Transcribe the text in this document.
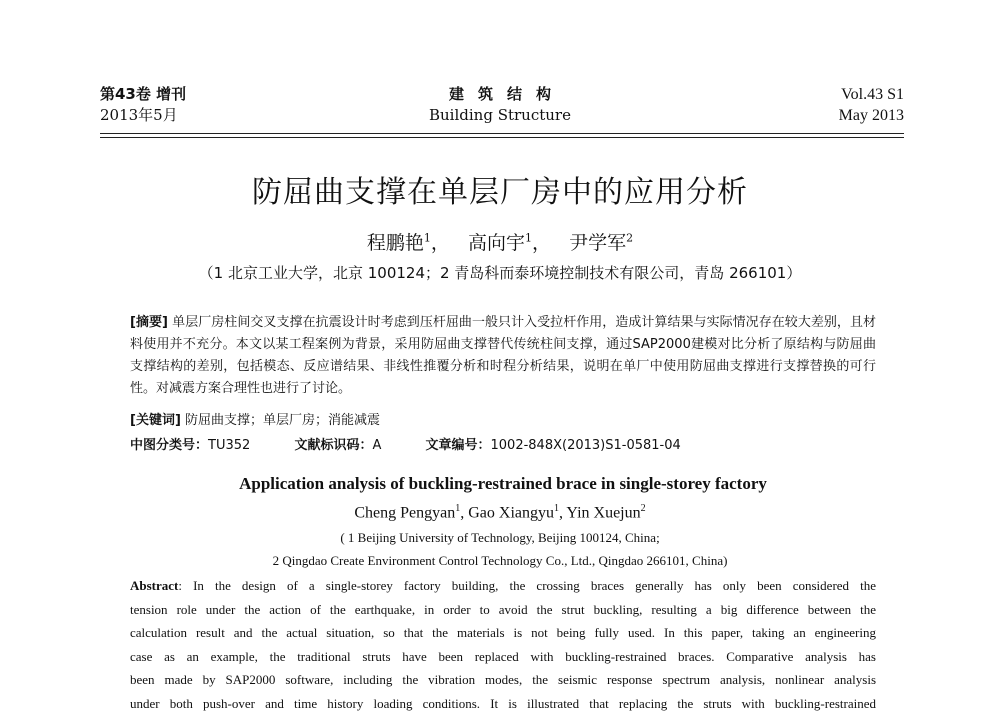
第43卷 增刊
2013年5月
建筑结构
Building Structure
Vol.43 S1
May 2013
防屈曲支撑在单层厂房中的应用分析
程鹏艳$^1$，   高向宇$^1$，   尹学军$^2$
（1 北京工业大学，北京 100124；2 青岛科而泰环境控制技术有限公司，青岛 266101）
[摘要] 单层厂房柱间交叉支撑在抗震设计时考虑到压杆屈曲一般只计入受拉杆作用，造成计算结果与实际情况存在较大差别，且材料使用并不充分。本文以某工程案例为背景，采用防屈曲支撑替代传统柱间支撑，通过SAP2000建模对比分析了原结构与防屈曲支撑结构的差别，包括模态、反应谱结果、非线性推覆分析和时程分析结果，说明在单厂中使用防屈曲支撑进行支撑替换的可行性。对减震方案合理性也进行了讨论。
[关键词] 防屈曲支撑；单层厂房；消能减震
中图分类号：TU352	文献标识码：A	文章编号：1002-848X(2013)S1-0581-04
Application analysis of buckling-restrained brace in single-storey factory
Cheng Pengyan$^1$, Gao Xiangyu$^1$, Yin Xuejun$^2$
( 1 Beijing University of Technology, Beijing 100124, China;
2 Qingdao Create Environment Control Technology Co., Ltd., Qingdao 266101, China)
Abstract: In the design of a single-storey factory building, the crossing braces generally has only been considered the
tension role under the action of the earthquake, in order to avoid the strut buckling, resulting a big difference between the
calculation result and the actual situation, so that the materials is not being fully used. In this paper, taking an engineering
case as an example, the traditional struts have been replaced with buckling-restrained braces. Comparative analysis has
been made by SAP2000 software, including the vibration modes, the seismic response spectrum analysis, nonlinear analysis
under both push-over and time history loading conditions. It is illustrated that replacing the struts with buckling-restrained
